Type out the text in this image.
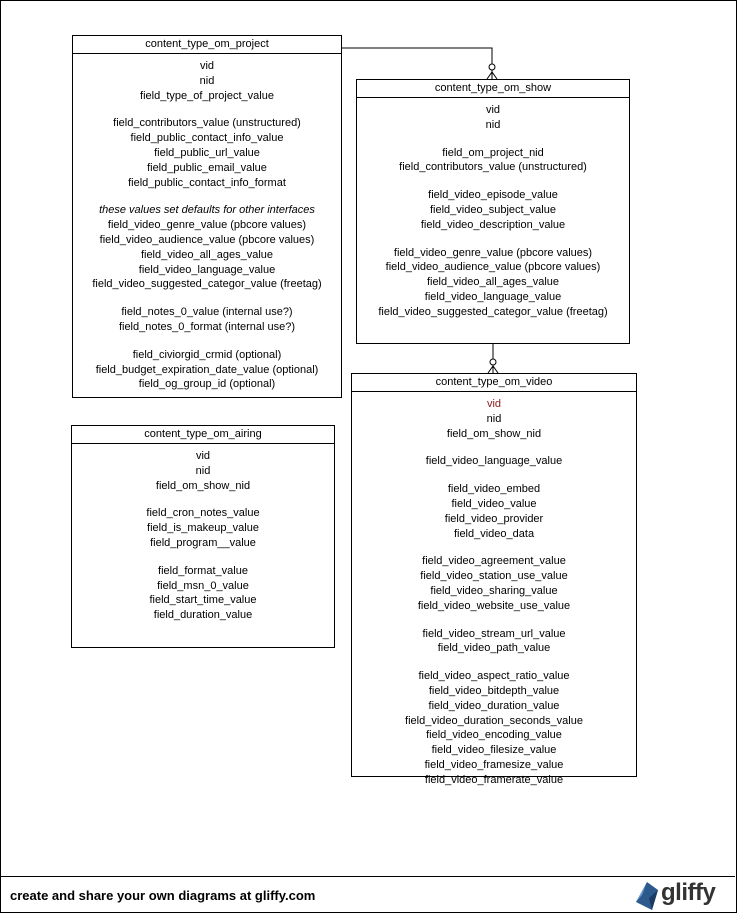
content_type_om_project
vid
nid
field_type_of_project_value
field_contributors_value (unstructured)
field_public_contact_info_value
field_public_url_value
field_public_email_value
field_public_contact_info_format
these values set defaults for other interfaces
field_video_genre_value (pbcore values)
field_video_audience_value (pbcore values)
field_video_all_ages_value
field_video_language_value
field_video_suggested_categor_value (freetag)
field_notes_0_value (internal use?)
field_notes_0_format (internal use?)
field_civiorgid_crmid (optional)
field_budget_expiration_date_value (optional)
field_og_group_id (optional)
content_type_om_show
vid
nid
field_om_project_nid
field_contributors_value (unstructured)
field_video_episode_value
field_video_subject_value
field_video_description_value
field_video_genre_value (pbcore values)
field_video_audience_value (pbcore values)
field_video_all_ages_value
field_video_language_value
field_video_suggested_categor_value (freetag)
content_type_om_airing
vid
nid
field_om_show_nid
field_cron_notes_value
field_is_makeup_value
field_program__value
field_format_value
field_msn_0_value
field_start_time_value
field_duration_value
content_type_om_video
vid
nid
field_om_show_nid
field_video_language_value
field_video_embed
field_video_value
field_video_provider
field_video_data
field_video_agreement_value
field_video_station_use_value
field_video_sharing_value
field_video_website_use_value
field_video_stream_url_value
field_video_path_value
field_video_aspect_ratio_value
field_video_bitdepth_value
field_video_duration_value
field_video_duration_seconds_value
field_video_encoding_value
field_video_filesize_value
field_video_framesize_value
field_video_framerate_value
create and share your own diagrams at gliffy.com	gliffy
